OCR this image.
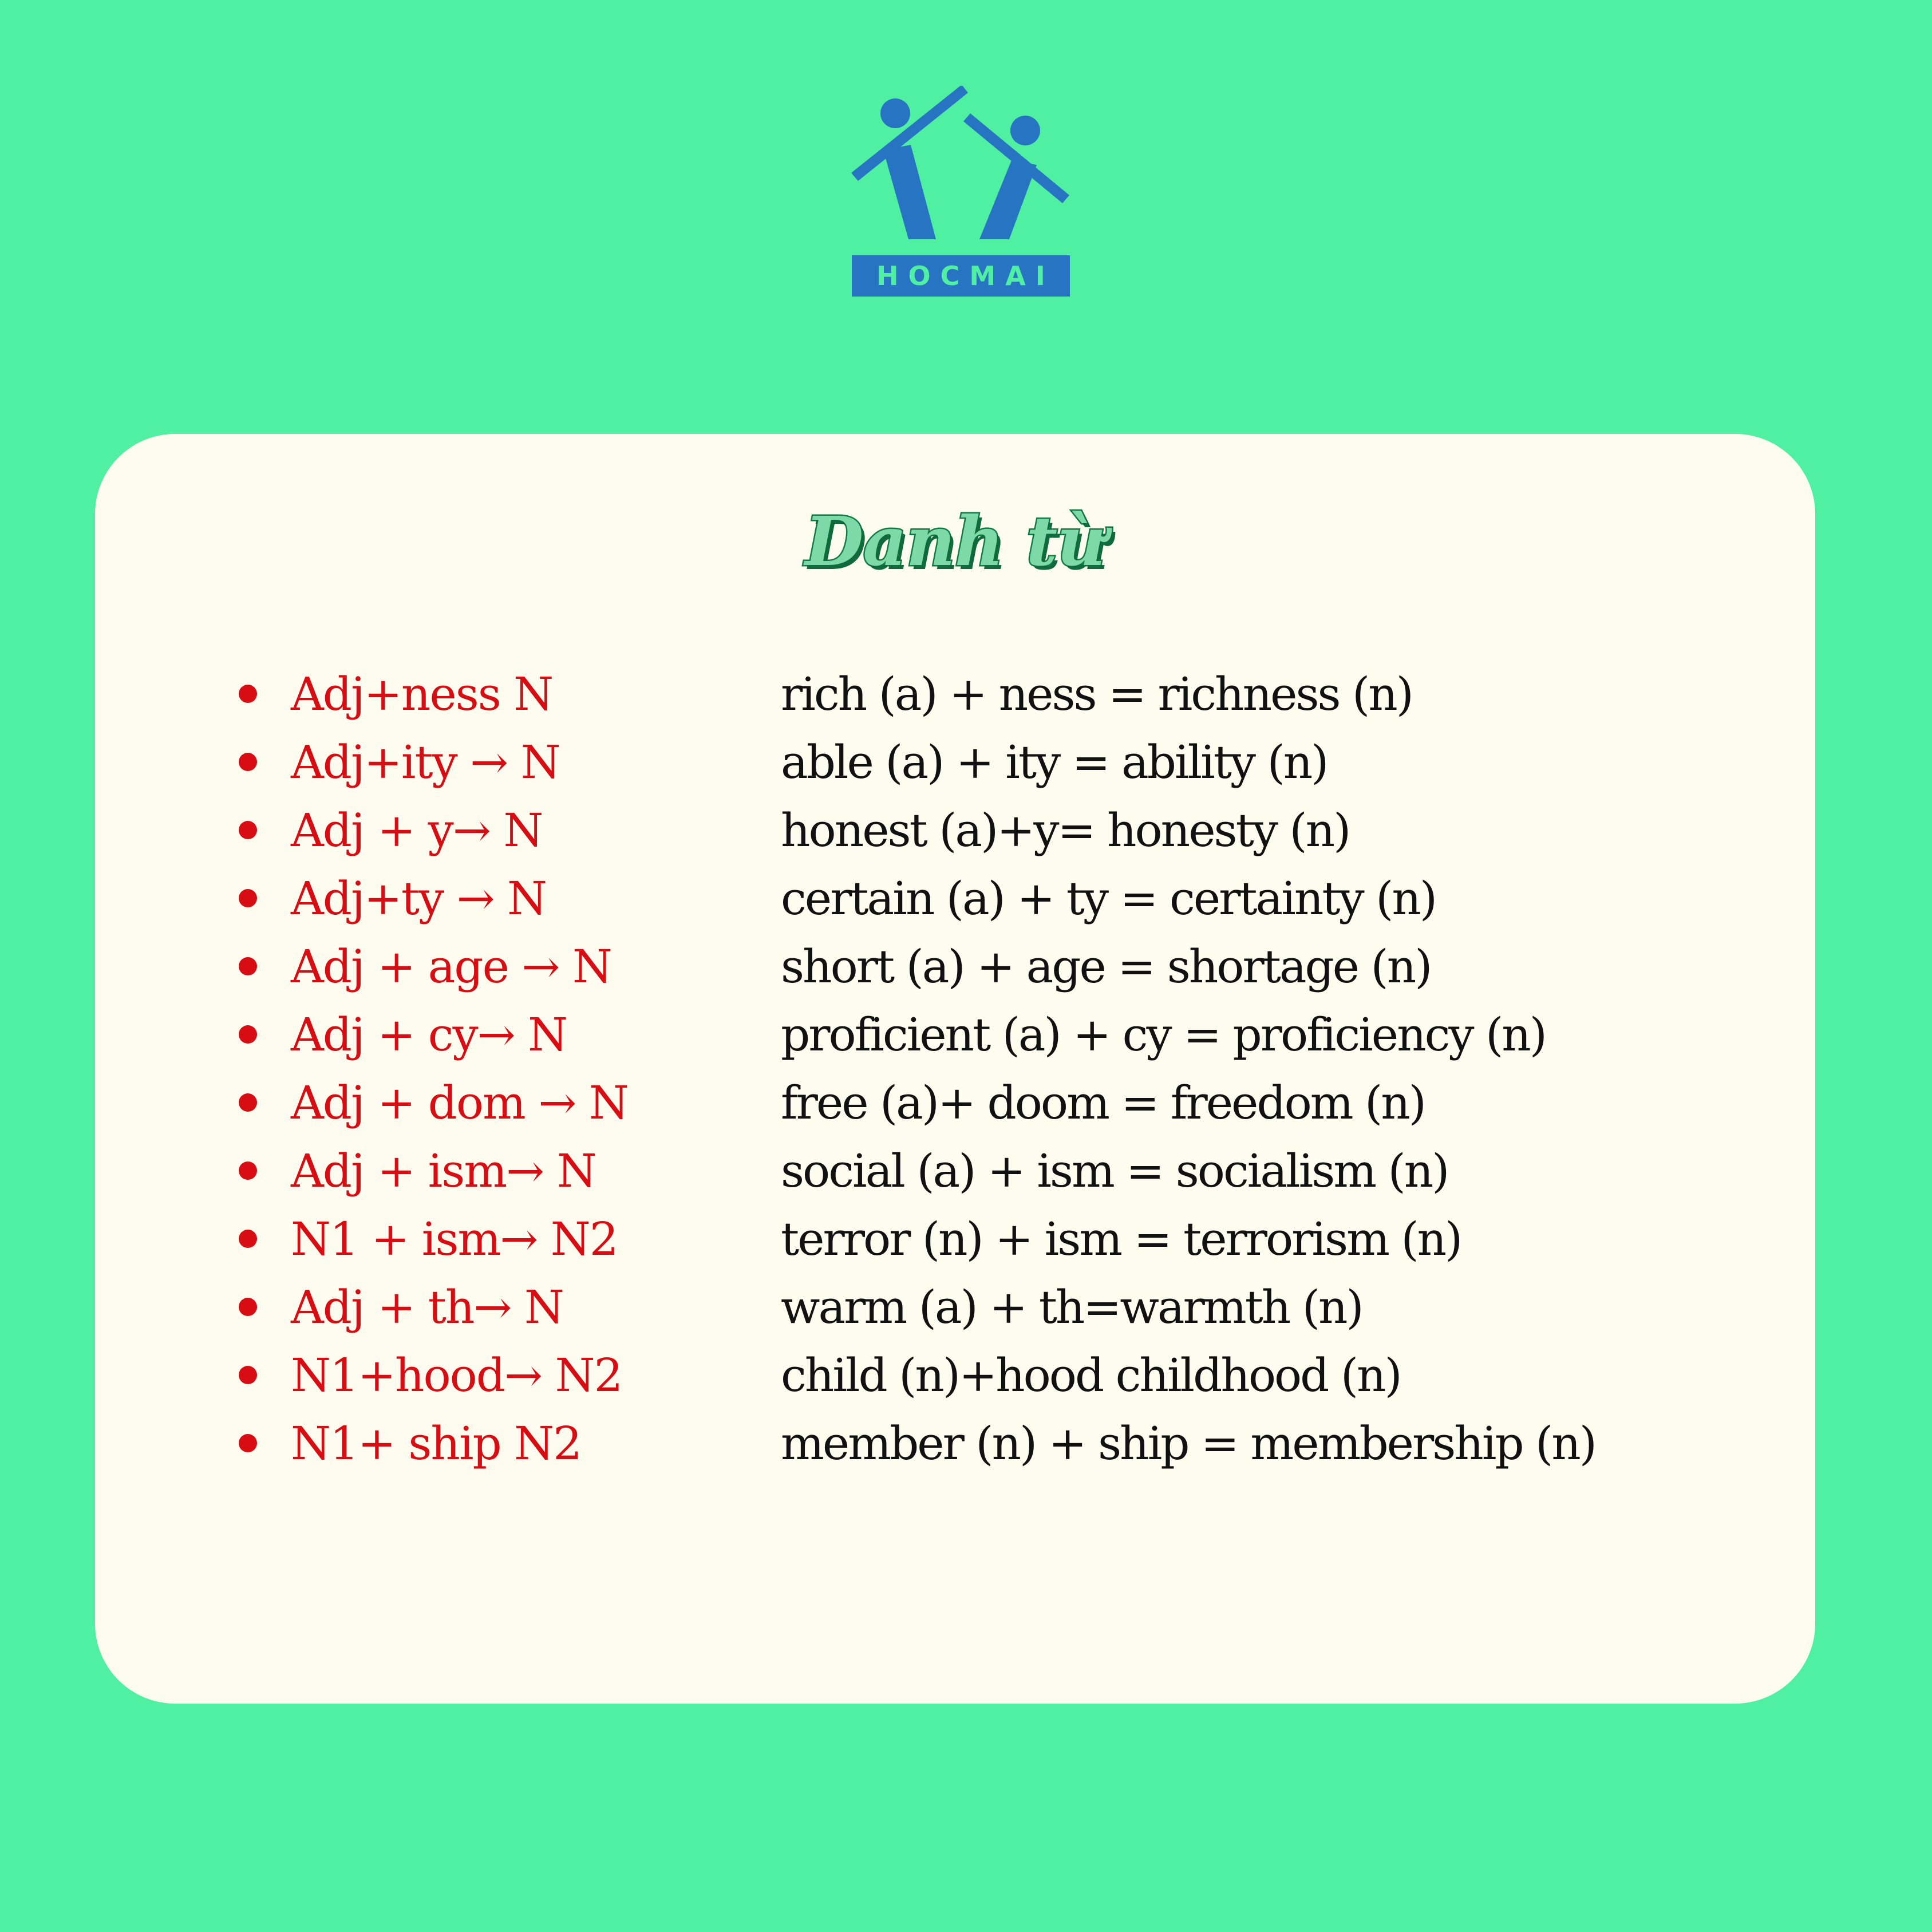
HOCMAI
Danh từ
Adj+ness N	rich (a) + ness = richness (n)
Adj+ity → N	able (a) + ity = ability (n)
Adj + y→ N	honest (a)+y= honesty (n)
Adj+ty → N	certain (a) + ty = certainty (n)
Adj + age → N	short (a) + age = shortage (n)
Adj + cy→ N	proficient (a) + cy = proficiency (n)
Adj + dom → N	free (a)+ doom = freedom (n)
Adj + ism→ N	social (a) + ism = socialism (n)
N1 + ism→ N2	terror (n) + ism = terrorism (n)
Adj + th→ N	warm (a) + th=warmth (n)
N1+hood→ N2	child (n)+hood childhood (n)
N1+ ship N2	member (n) + ship = membership (n)
